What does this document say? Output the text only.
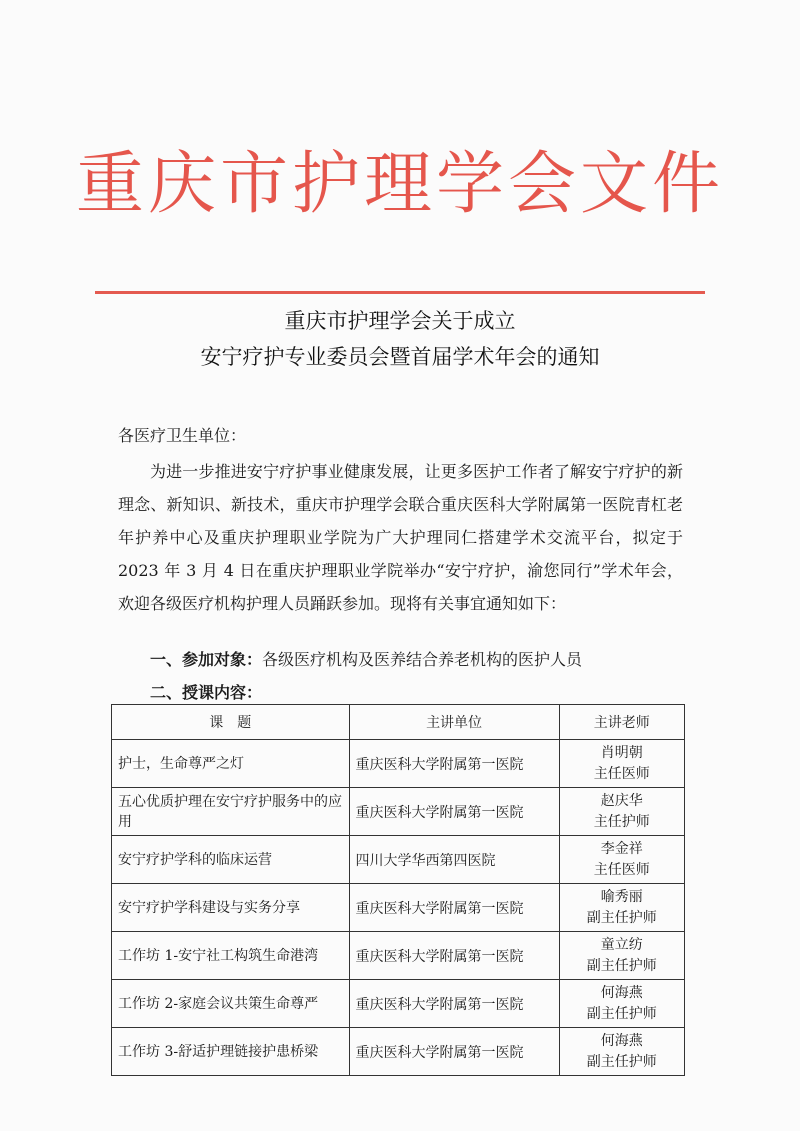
重庆市护理学会文件
重庆市护理学会关于成立
安宁疗护专业委员会暨首届学术年会的通知
各医疗卫生单位：
为进一步推进安宁疗护事业健康发展，让更多医护工作者了解安宁疗护的新理念、新知识、新技术，重庆市护理学会联合重庆医科大学附属第一医院青杠老年护养中心及重庆护理职业学院为广大护理同仁搭建学术交流平台，拟定于 2023 年 3 月 4 日在重庆护理职业学院举办“安宁疗护，渝您同行”学术年会，欢迎各级医疗机构护理人员踊跃参加。现将有关事宜通知如下：
一、参加对象：各级医疗机构及医养结合养老机构的医护人员
二、授课内容：
课　题	主讲单位	主讲老师
护士，生命尊严之灯	重庆医科大学附属第一医院	肖明朝
主任医师

五心优质护理在安宁疗护服务中的应用	重庆医科大学附属第一医院	赵庆华
主任护师

安宁疗护学科的临床运营	四川大学华西第四医院	李金祥
主任医师

安宁疗护学科建设与实务分享	重庆医科大学附属第一医院	喻秀丽
副主任护师

工作坊 1-安宁社工构筑生命港湾	重庆医科大学附属第一医院	童立纺
副主任护师

工作坊 2-家庭会议共策生命尊严	重庆医科大学附属第一医院	何海燕
副主任护师

工作坊 3-舒适护理链接护患桥梁	重庆医科大学附属第一医院	何海燕
副主任护师
